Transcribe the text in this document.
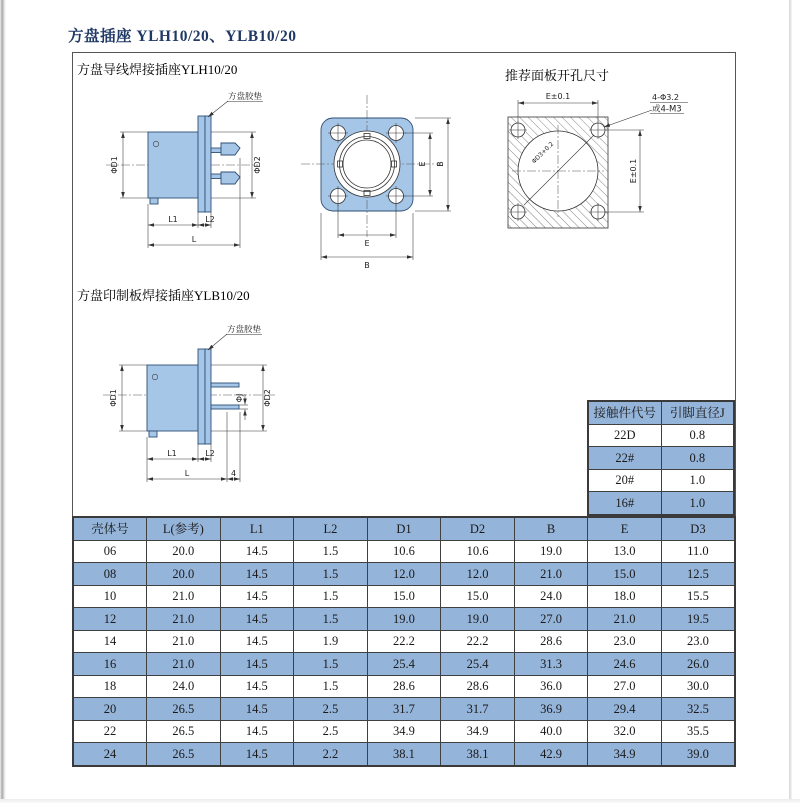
方盘插座 YLH10/20、YLB10/20
方盘导线焊接插座YLH10/20
方盘印制板焊接插座YLB10/20
推荐面板开孔尺寸
ΦD1	ΦD2
L1	L2
L
方盘胶垫
E
B
E B	ΦD3+0.2
E±0.1
E±0.1
4-Φ3.2
或4-M3
ΦD1	ΦJ ΦD2
L1	L2
L	4
方盘胶垫
接触件代号	引脚直径J
22D	0.8
22#	0.8
20#	1.0
16#	1.0
壳体号	L(参考)	L1	L2	D1	D2	B	E	D3
06	20.0	14.5	1.5	10.6	10.6	19.0	13.0	11.0
08	20.0	14.5	1.5	12.0	12.0	21.0	15.0	12.5
10	21.0	14.5	1.5	15.0	15.0	24.0	18.0	15.5
12	21.0	14.5	1.5	19.0	19.0	27.0	21.0	19.5
14	21.0	14.5	1.9	22.2	22.2	28.6	23.0	23.0
16	21.0	14.5	1.5	25.4	25.4	31.3	24.6	26.0
18	24.0	14.5	1.5	28.6	28.6	36.0	27.0	30.0
20	26.5	14.5	2.5	31.7	31.7	36.9	29.4	32.5
22	26.5	14.5	2.5	34.9	34.9	40.0	32.0	35.5
24	26.5	14.5	2.2	38.1	38.1	42.9	34.9	39.0
